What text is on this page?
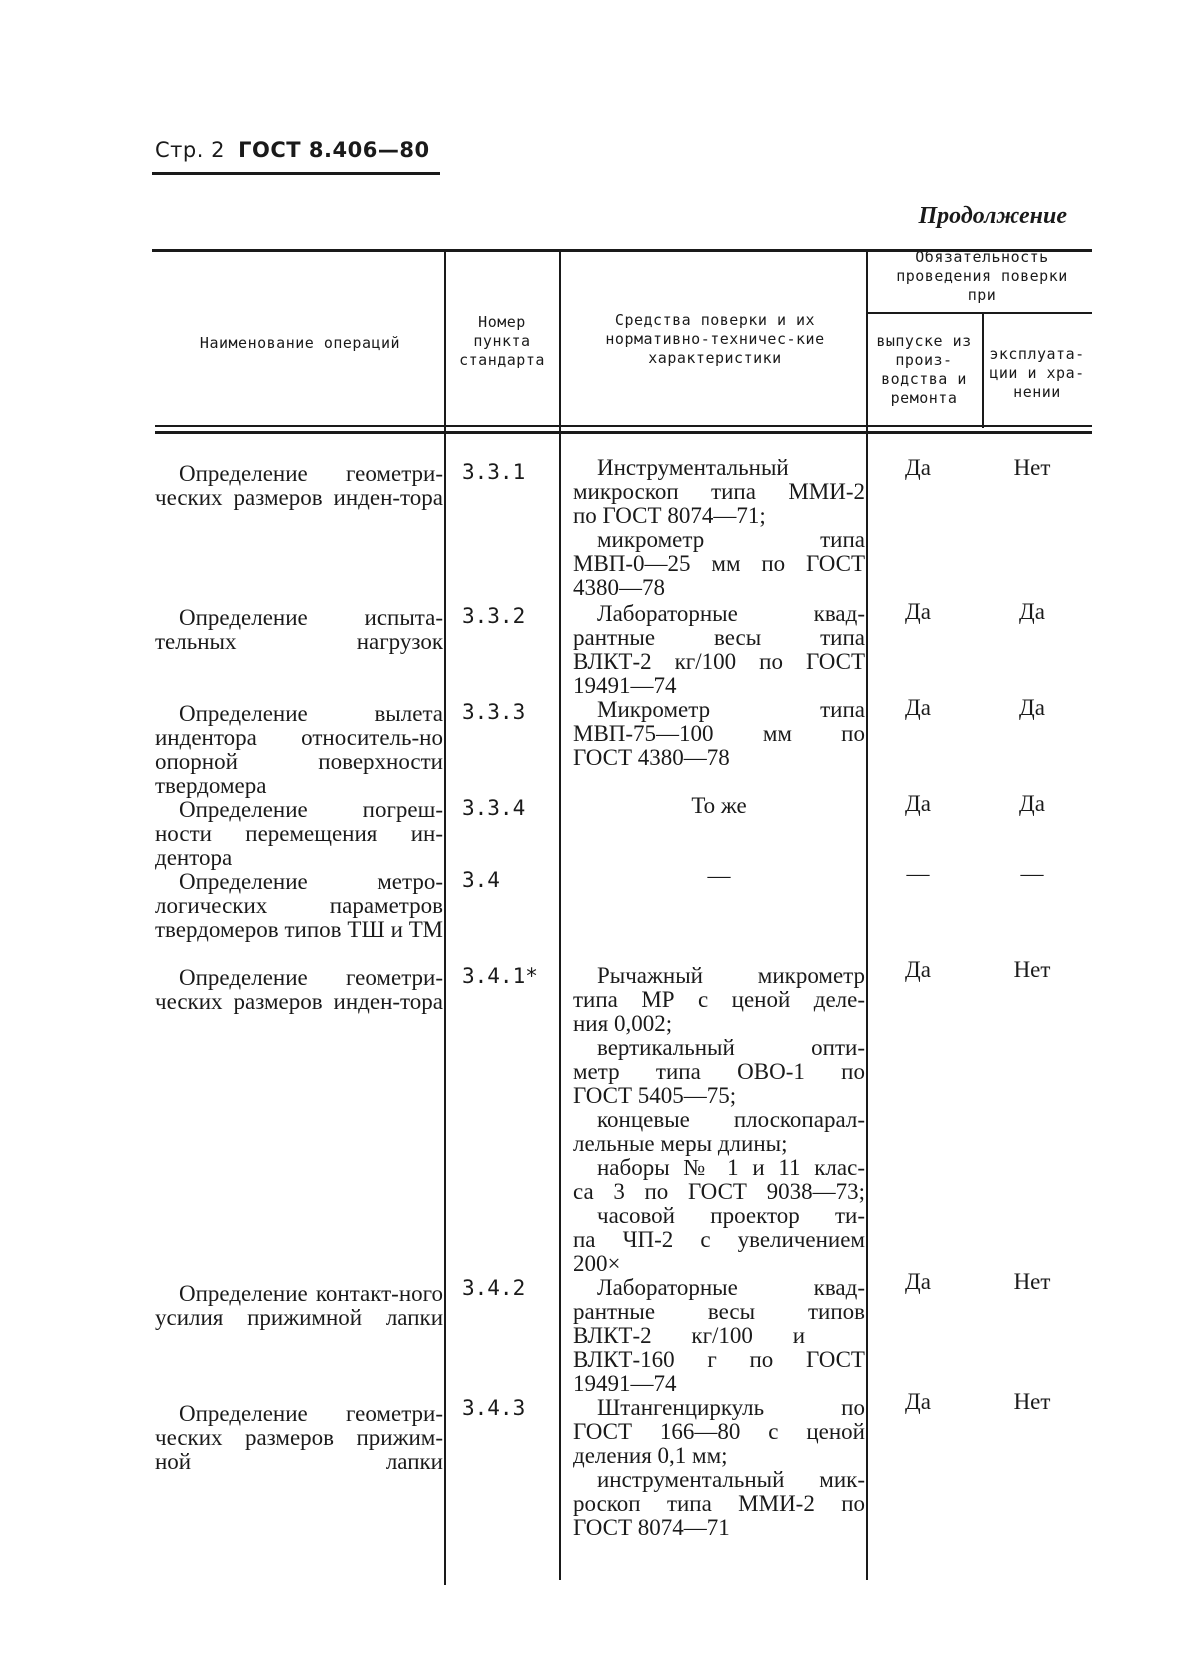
Стр. 2 ГОСТ 8.406—80
Продолжение
Наименование операций
Номер пункта стандарта
Средства поверки и их нормативно-техничес-кие характеристики
Обязательность проведения поверки при
выпуске из произ-водства и ремонта
эксплуата-ции и хра-нении
Определение геометри-ческих размеров инден-тора
3.3.1	Инструментальный
микроскоп типа ММИ-2
по ГОСТ 8074—71;
микрометр типа
МВП-0—25 мм по ГОСТ
4380—78
Да	Нет
Определение испыта-тельных нагрузок
3.3.2	Лабораторные квад-
рантные весы типа
ВЛКТ-2 кг/100 по ГОСТ
19491—74
Да	Да
Определение вылета индентора относитель-но опорной поверхности твердомера
3.3.3	Микрометр типа
МВП-75—100 мм по
ГОСТ 4380—78
Да	Да
Определение погреш-ности перемещения ин-дентора
3.3.4	То же	Да	Да
Определение метро-логических параметров твердомеров типов ТШ и ТМ
3.4	—	—	—
Определение геометри-ческих размеров инден-тора
3.4.1*	Рычажный микрометр
типа МР с ценой деле-
ния 0,002;
вертикальный опти-
метр типа ОВО-1 по
ГОСТ 5405—75;
концевые плоскопарал-
лельные меры длины;
наборы № 1 и 11 клас-
са 3 по ГОСТ 9038—73;
часовой проектор ти-
па ЧП-2 с увеличением
200×
Да	Нет
Определение контакт-ного усилия прижимной лапки
3.4.2	Лабораторные квад-
рантные весы типов
ВЛКТ-2 кг/100 и
ВЛКТ-160 г по ГОСТ
19491—74
Да	Нет
Определение геометри-ческих размеров прижим-ной лапки
3.4.3	Штангенциркуль по
ГОСТ 166—80 с ценой
деления 0,1 мм;
инструментальный мик-
роскоп типа ММИ-2 по
ГОСТ 8074—71
Да	Нет
